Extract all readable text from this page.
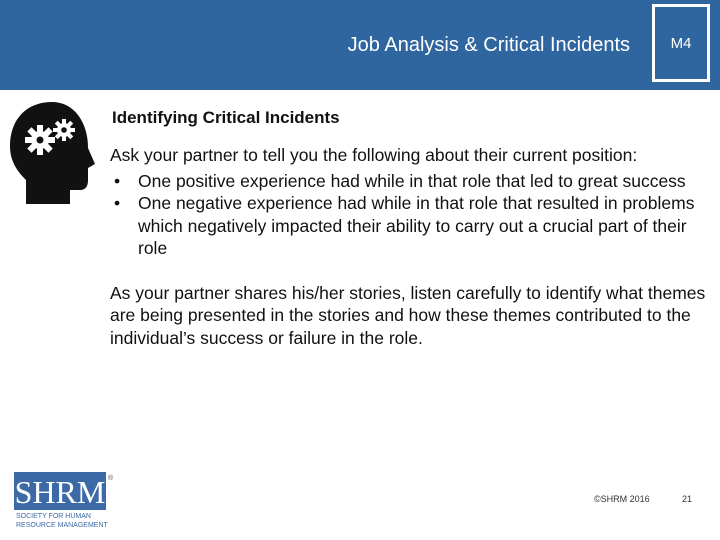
Job Analysis & Critical Incidents	M4
Identifying Critical Incidents

Ask your partner to tell you the following about their current position:

• One positive experience had while in that role that led to great success
• One negative experience had while in that role that resulted in problems which negatively impacted their ability to carry out a crucial part of their role

As your partner shares his/her stories, listen carefully to identify what themes are being presented in the stories and how these themes contributed to the individual’s success or failure in the role.

SHRM ®
SOCIETY FOR HUMAN
RESOURCE MANAGEMENT
©SHRM 2016	21
